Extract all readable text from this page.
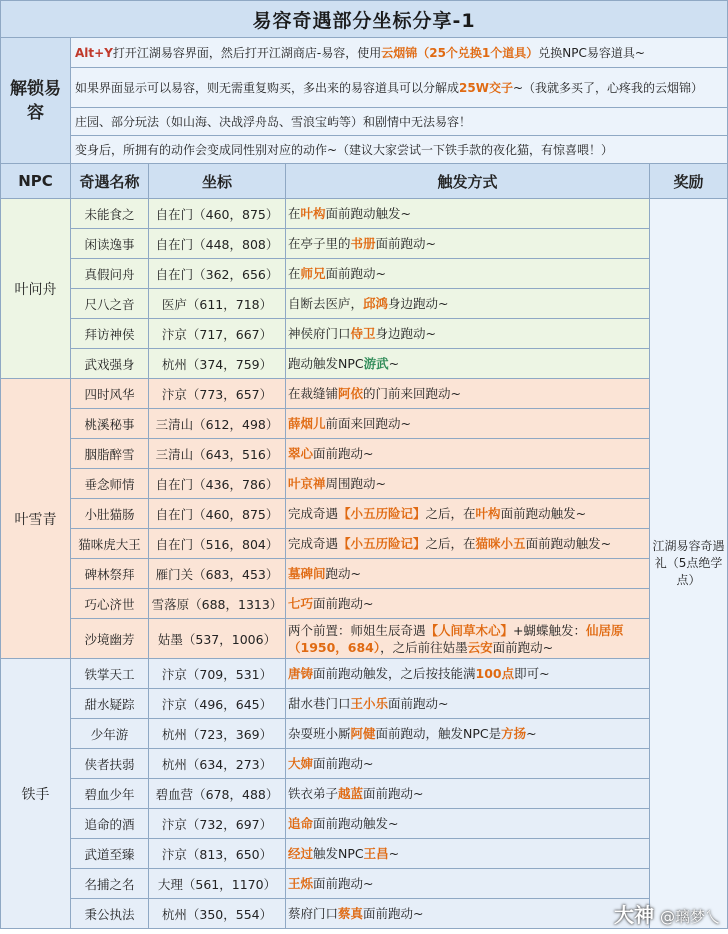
易容奇遇部分坐标分享-1				
解锁易容	Alt+Y打开江湖易容界面，然后打开江湖商店-易容，使用云烟锦（25个兑换1个道具）兑换NPC易容道具~			
	如果界面显示可以易容，则无需重复购买，多出来的易容道具可以分解成25W交子~（我就多买了，心疼我的云烟锦）			
	庄园、部分玩法（如山海、决战浮舟岛、雪浪宝屿等）和剧情中无法易容！			
	变身后，所拥有的动作会变成同性别对应的动作~（建议大家尝试一下铁手款的夜化猫，有惊喜喂！）			
NPC	奇遇名称	坐标	触发方式	奖励
叶问舟	未能食之	自在门（460，875）	在叶构面前跑动触发~	江湖易容奇遇礼（5点绝学点）
	闲读逸事	自在门（448，808）	在亭子里的书册面前跑动~	
	真假问舟	自在门（362，656）	在师兄面前跑动~	
	尺八之音	医庐（611，718）	自断去医庐，邱鸿身边跑动~	
	拜访神侯	汴京（717，667）	神侯府门口侍卫身边跑动~	
	武戏强身	杭州（374，759）	跑动触发NPC游武~	
叶雪青	四时风华	汴京（773，657）	在裁缝铺阿依的门前来回跑动~	
	桃溪秘事	三清山（612，498）	薛烟儿前面来回跑动~	
	胭脂醉雪	三清山（643，516）	翠心面前跑动~	
	垂念师情	自在门（436，786）	叶京禅周围跑动~	
	小肚猫肠	自在门（460，875）	完成奇遇【小五历险记】之后，在叶构面前跑动触发~	
	猫咪虎大王	自在门（516，804）	完成奇遇【小五历险记】之后，在猫咪小五面前跑动触发~	
	碑林祭拜	雁门关（683，453）	墓碑间跑动~	
	巧心济世	雪落原（688，1313）	七巧面前跑动~	
	沙境幽芳	姑墨（537，1006）	两个前置：师姐生辰奇遇【人间草木心】+蝴蝶触发：仙居原（1950，684），之后前往姑墨云安面前跑动~	
铁手	铁掌天工	汴京（709，531）	唐铸面前跑动触发，之后按技能满100点即可~	
	甜水疑踪	汴京（496，645）	甜水巷门口王小乐面前跑动~	
	少年游	杭州（723，369）	杂耍班小厮阿健面前跑动，触发NPC是方扬~	
	侠者扶弱	杭州（634，273）	大婶面前跑动~	
	碧血少年	碧血营（678，488）	铁衣弟子越蓝面前跑动~	
	追命的酒	汴京（732，697）	追命面前跑动触发~	
	武道至臻	汴京（813，650）	经过触发NPC王昌~	
	名捕之名	大理（561，1170）	王烁面前跑动~	
	秉公执法	杭州（350，554）	蔡府门口蔡真面前跑动~		大神 @璃梦乀
